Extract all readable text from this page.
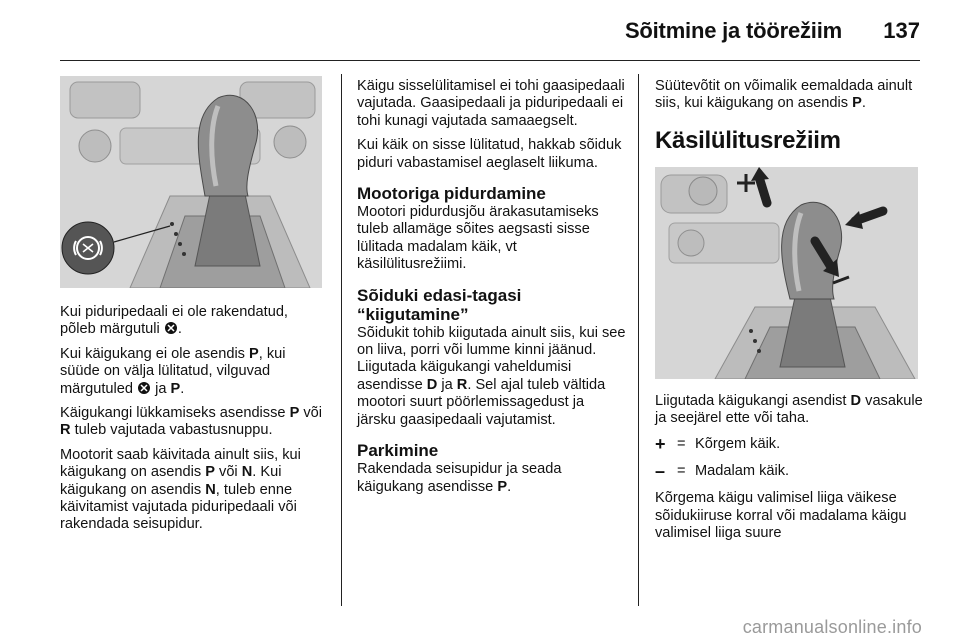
Sõitmine ja töörežiim 137

Kui piduripedaali ei ole rakendatud, põleb märgutuli .

Kui käigukang ei ole asendis P, kui süüde on välja lülitatud, vilguvad märgutuled  ja P.

Käigukangi lükkamiseks asendisse P või R tuleb vajutada vabastusnuppu.

Mootorit saab käivitada ainult siis, kui käigukang on asendis P või N. Kui käigukang on asendis N, tuleb enne käivitamist vajutada piduripedaali või rakendada seisupidur.

Käigu sisselülitamisel ei tohi gaasipedaali vajutada. Gaasipedaali ja piduripedaali ei tohi kunagi vajutada samaaegselt.

Kui käik on sisse lülitatud, hakkab sõiduk piduri vabastamisel aeglaselt liikuma.

Mootoriga pidurdamine

Mootori pidurdusjõu ärakasutamiseks tuleb allamäge sõites aegsasti sisse lülitada madalam käik, vt käsilülitusrežiimi.

Sõiduki edasi-tagasi “kiigutamine”

Sõidukit tohib kiigutada ainult siis, kui see on liiva, porri või lumme kinni jäänud. Liigutada käigukangi vaheldumisi asendisse D ja R. Sel ajal tuleb vältida mootori suurt pöörlemissagedust ja järsku gaasipedaali vajutamist.

Parkimine

Rakendada seisupidur ja seada käigukang asendisse P.

Süütevõtit on võimalik eemaldada ainult siis, kui käigukang on asendis P.

Käsilülitusrežiim

Liigutada käigukangi asendist D vasakule ja seejärel ette või taha.

+ = Kõrgem käik.
– = Madalam käik.

Kõrgema käigu valimisel liiga väikese sõidukiiruse korral või madalama käigu valimisel liiga suure

carmanualsonline.info
